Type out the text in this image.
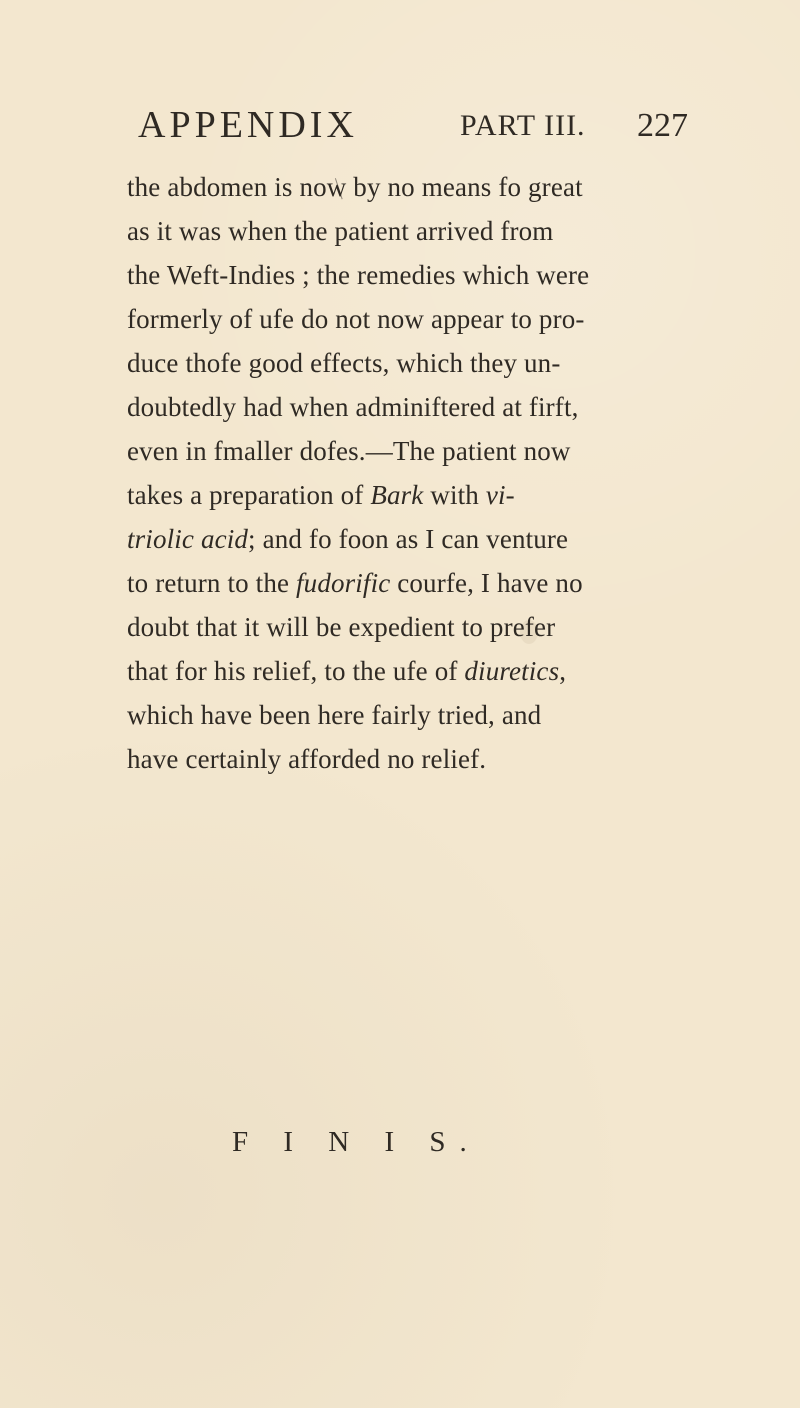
APPENDIX	PART III. 227
the abdomen is now by no means fo great
as it was when the patient arrived from
the Weft-Indies ; the remedies which were
formerly of ufe do not now appear to pro-
duce thofe good effects, which they un-
doubtedly had when adminiftered at firft,
even in fmaller dofes.—The patient now
takes a preparation of Bark with vi-
triolic acid; and fo foon as I can venture
to return to the fudorific courfe, I have no
doubt that it will be expedient to prefer
that for his relief, to the ufe of diuretics,
which have been here fairly tried, and
have certainly afforded no relief.
F I N I S.
